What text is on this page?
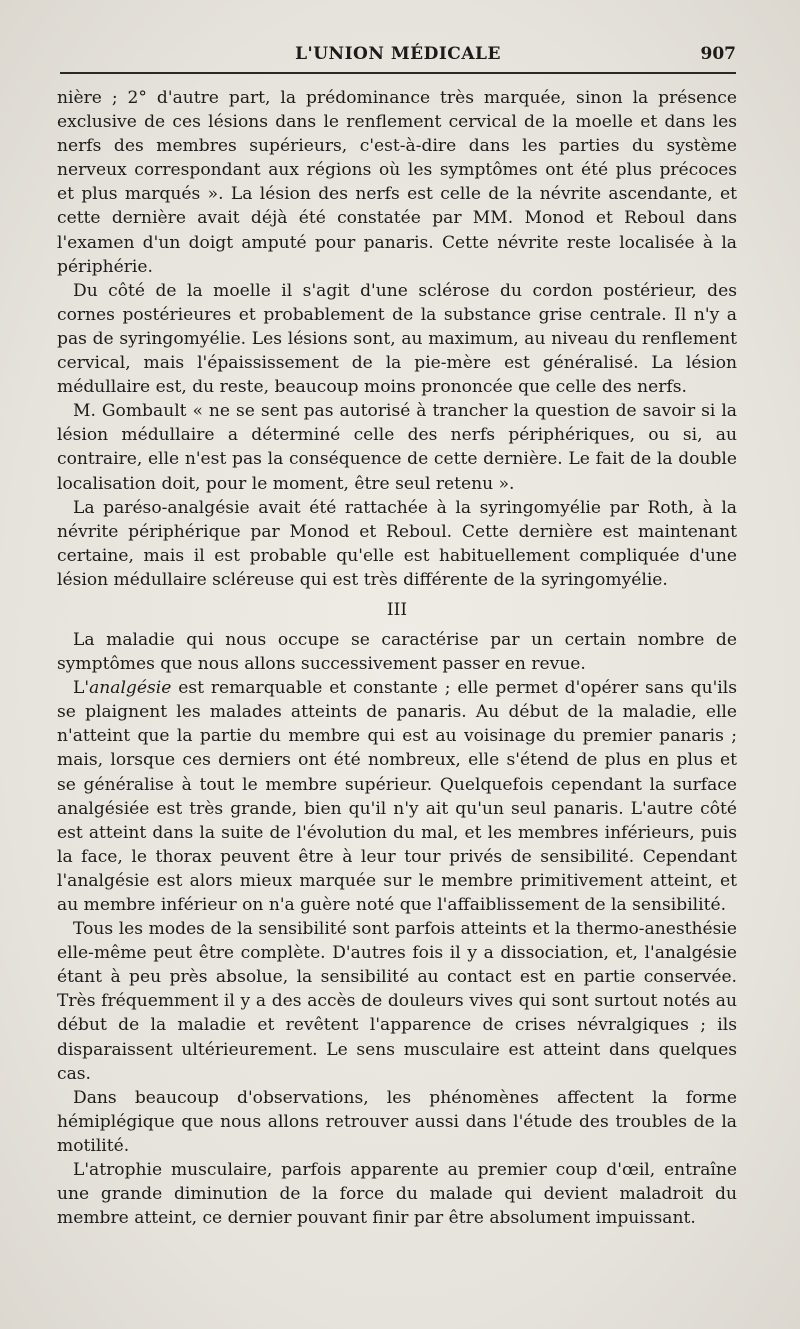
L'UNION MÉDICALE	907

nière ; 2° d'autre part, la prédominance très marquée, sinon la présence exclusive de ces lésions dans le renflement cervical de la moelle et dans les nerfs des membres supérieurs, c'est-à-dire dans les parties du système nerveux correspondant aux régions où les symptômes ont été plus précoces et plus marqués ». La lésion des nerfs est celle de la névrite ascendante, et cette dernière avait déjà été constatée par MM. Monod et Reboul dans l'examen d'un doigt amputé pour panaris. Cette névrite reste localisée à la périphérie.

Du côté de la moelle il s'agit d'une sclérose du cordon postérieur, des cornes postérieures et probablement de la substance grise centrale. Il n'y a pas de syringomyélie. Les lésions sont, au maximum, au niveau du renflement cervical, mais l'épaississement de la pie-mère est généralisé. La lésion médullaire est, du reste, beaucoup moins prononcée que celle des nerfs.

M. Gombault « ne se sent pas autorisé à trancher la question de savoir si la lésion médullaire a déterminé celle des nerfs périphériques, ou si, au contraire, elle n'est pas la conséquence de cette dernière. Le fait de la double localisation doit, pour le moment, être seul retenu ».

La paréso-analgésie avait été rattachée à la syringomyélie par Roth, à la névrite périphérique par Monod et Reboul. Cette dernière est maintenant certaine, mais il est probable qu'elle est habituellement compliquée d'une lésion médullaire scléreuse qui est très différente de la syringomyélie.

III

La maladie qui nous occupe se caractérise par un certain nombre de symptômes que nous allons successivement passer en revue.

L'analgésie est remarquable et constante ; elle permet d'opérer sans qu'ils se plaignent les malades atteints de panaris. Au début de la maladie, elle n'atteint que la partie du membre qui est au voisinage du premier panaris ; mais, lorsque ces derniers ont été nombreux, elle s'étend de plus en plus et se généralise à tout le membre supérieur. Quelquefois cependant la surface analgésiée est très grande, bien qu'il n'y ait qu'un seul panaris. L'autre côté est atteint dans la suite de l'évolution du mal, et les membres inférieurs, puis la face, le thorax peuvent être à leur tour privés de sensibilité. Cependant l'analgésie est alors mieux marquée sur le membre primitivement atteint, et au membre inférieur on n'a guère noté que l'affaiblissement de la sensibilité.

Tous les modes de la sensibilité sont parfois atteints et la thermo-anesthésie elle-même peut être complète. D'autres fois il y a dissociation, et, l'analgésie étant à peu près absolue, la sensibilité au contact est en partie conservée. Très fréquemment il y a des accès de douleurs vives qui sont surtout notés au début de la maladie et revêtent l'apparence de crises névralgiques ; ils disparaissent ultérieurement. Le sens musculaire est atteint dans quelques cas.

Dans beaucoup d'observations, les phénomènes affectent la forme hémiplégique que nous allons retrouver aussi dans l'étude des troubles de la motilité.

L'atrophie musculaire, parfois apparente au premier coup d'œil, entraîne une grande diminution de la force du malade qui devient maladroit du membre atteint, ce dernier pouvant finir par être absolument impuissant.
